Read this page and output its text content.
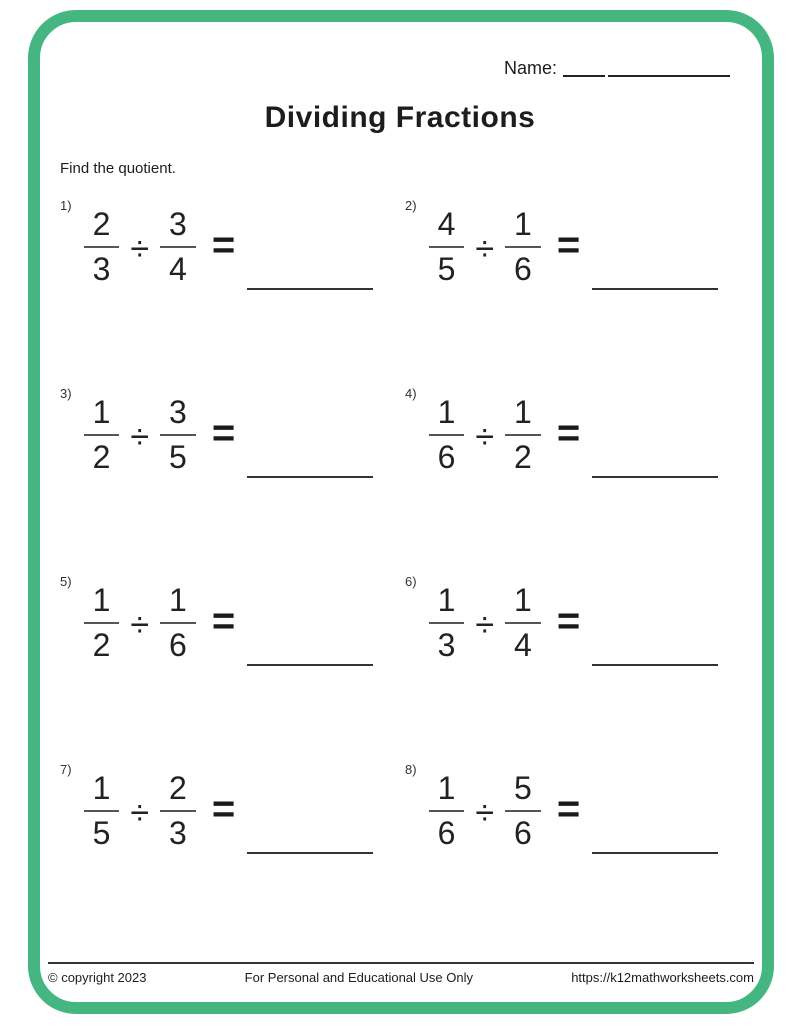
Name:
Dividing Fractions
Find the quotient.
1)
$\frac{2}{3} \div \frac{3}{4}$ =
2)
$\frac{4}{5} \div \frac{1}{6}$ =
3)
$\frac{1}{2} \div \frac{3}{5}$ =
4)
$\frac{1}{6} \div \frac{1}{2}$ =
5)
$\frac{1}{2} \div \frac{1}{6}$ =
6)
$\frac{1}{3} \div \frac{1}{4}$ =
7)
$\frac{1}{5} \div \frac{2}{3}$ =
8)
$\frac{1}{6} \div \frac{5}{6}$ =
© copyright 2023	For Personal and Educational Use Only	https://k12mathworksheets.com
